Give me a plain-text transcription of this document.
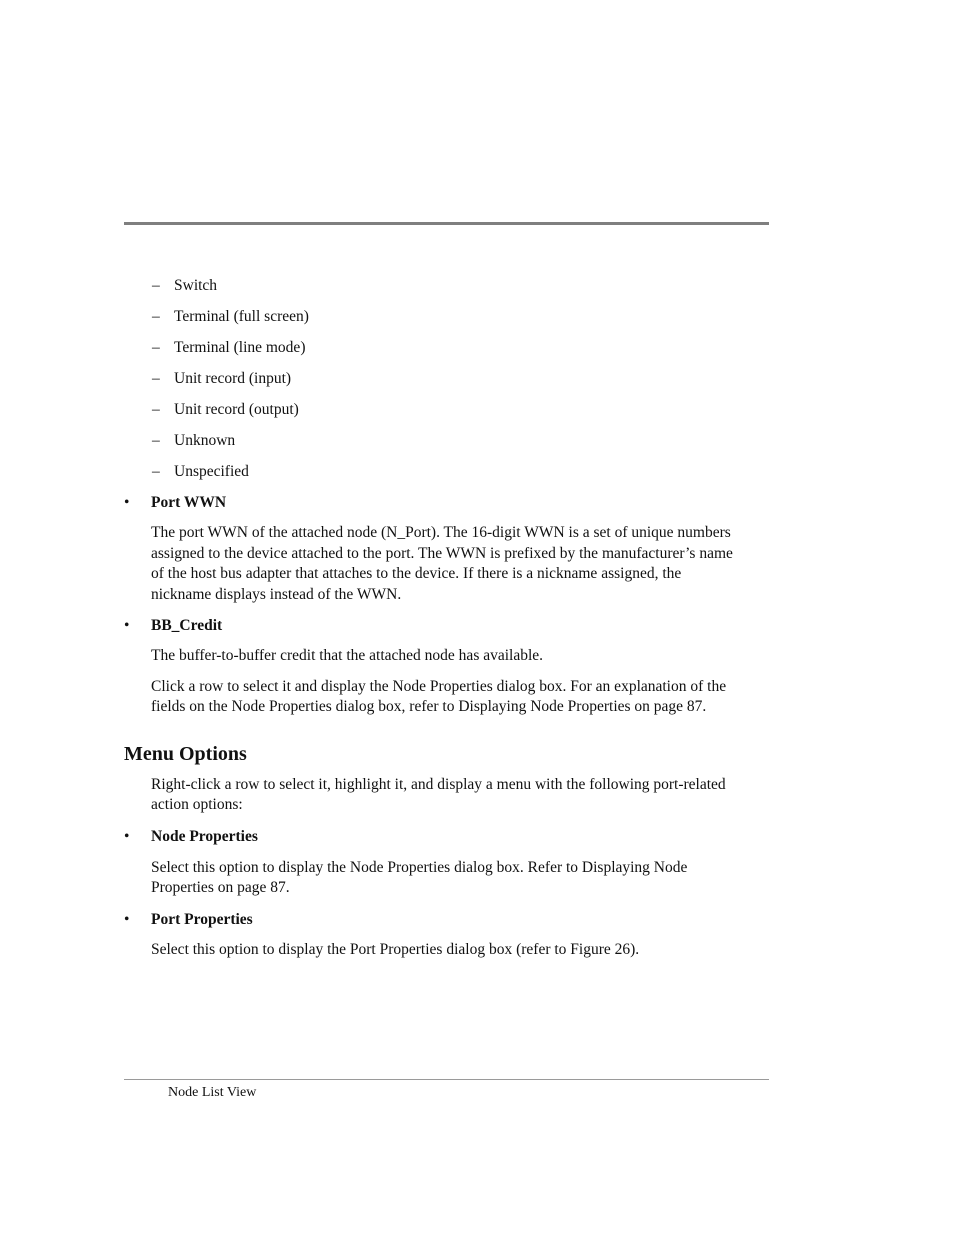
– Switch
– Terminal (full screen)
– Terminal (line mode)
– Unit record (input)
– Unit record (output)
– Unknown
– Unspecified
• Port WWN

The port WWN of the attached node (N_Port). The 16-digit WWN is a set of unique numbers assigned to the device attached to the port. The WWN is prefixed by the manufacturer’s name of the host bus adapter that attaches to the device. If there is a nickname assigned, the nickname displays instead of the WWN.

• BB_Credit

The buffer-to-buffer credit that the attached node has available.

Click a row to select it and display the Node Properties dialog box. For an explanation of the fields on the Node Properties dialog box, refer to Displaying Node Properties on page 87.

Menu Options

Right-click a row to select it, highlight it, and display a menu with the following port-related action options:

• Node Properties

Select this option to display the Node Properties dialog box. Refer to Displaying Node Properties on page 87.

• Port Properties

Select this option to display the Port Properties dialog box (refer to Figure 26).

Node List View
